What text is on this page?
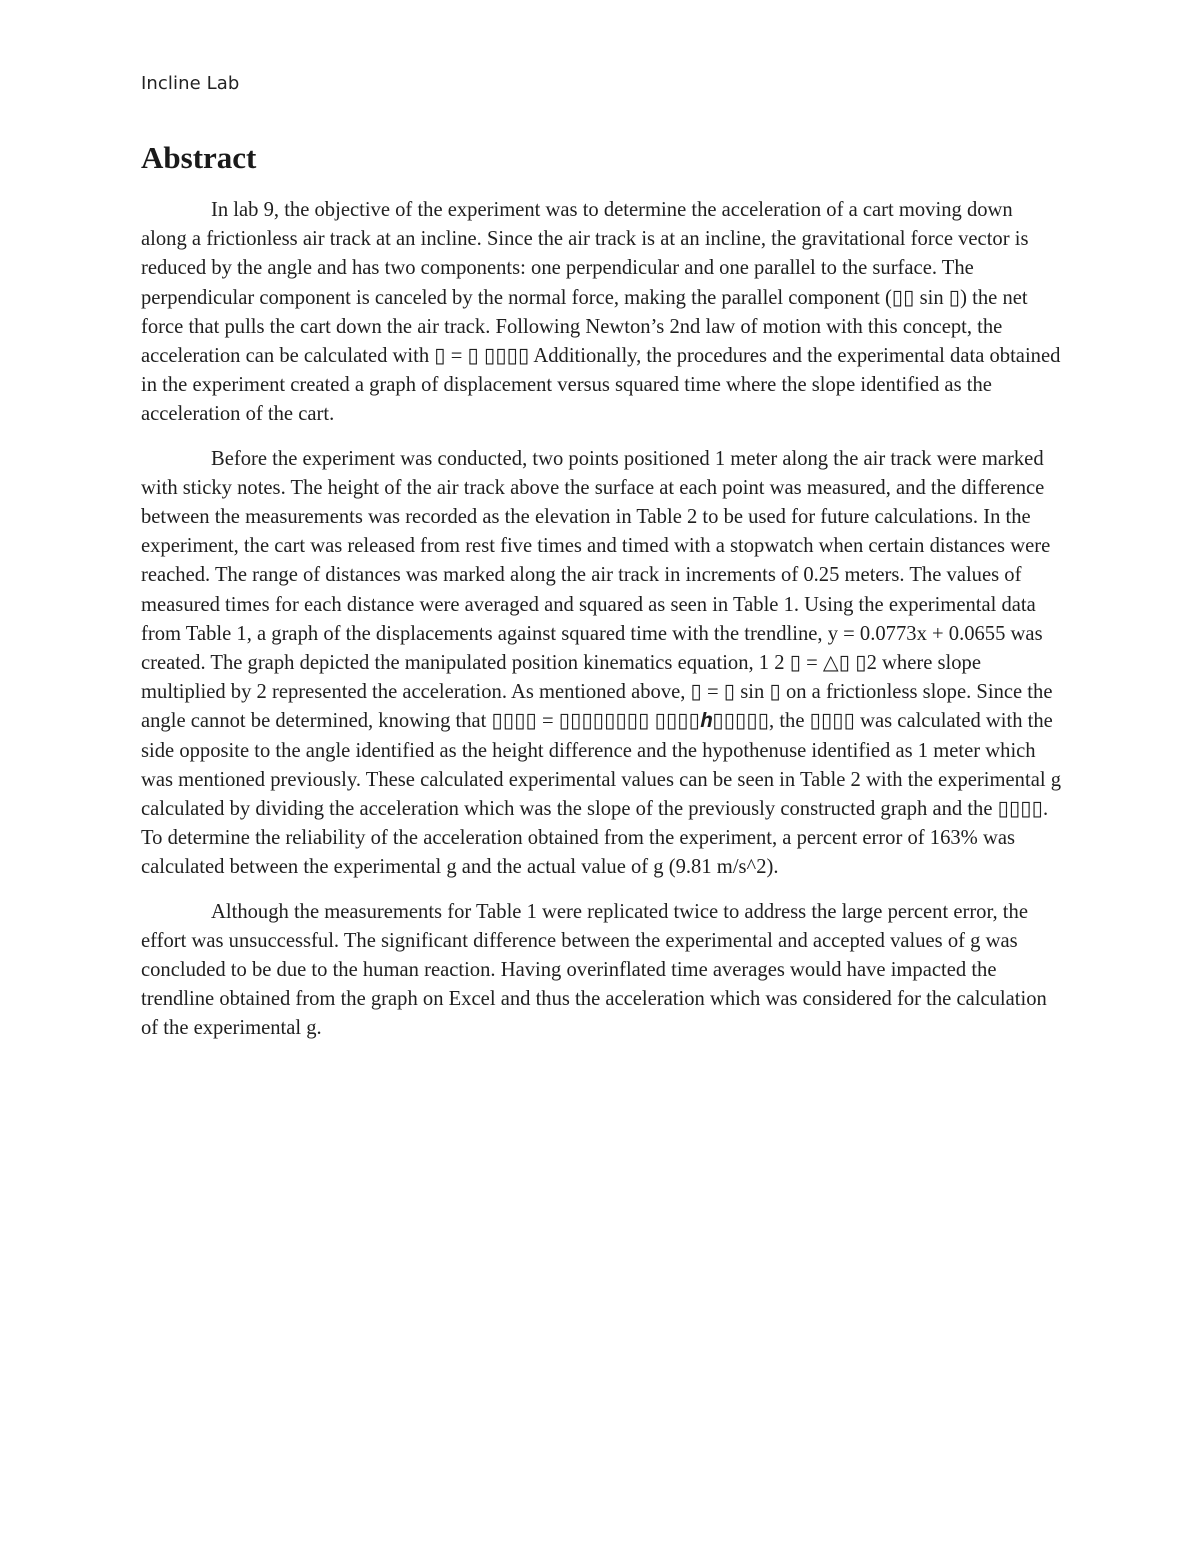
Incline Lab
Abstract

In lab 9, the objective of the experiment was to determine the acceleration of a cart moving down along a frictionless air track at an incline. Since the air track is at an incline, the gravitational force vector is reduced by the angle and has two components: one perpendicular and one parallel to the surface. The perpendicular component is canceled by the normal force, making the parallel component (▯▯ sin ▯) the net force that pulls the cart down the air track. Following Newton’s 2nd law of motion with this concept, the acceleration can be calculated with ▯ = ▯ ▯▯▯▯ Additionally, the procedures and the experimental data obtained in the experiment created a graph of displacement versus squared time where the slope identified as the acceleration of the cart.

Before the experiment was conducted, two points positioned 1 meter along the air track were marked with sticky notes. The height of the air track above the surface at each point was measured, and the difference between the measurements was recorded as the elevation in Table 2 to be used for future calculations. In the experiment, the cart was released from rest five times and timed with a stopwatch when certain distances were reached. The range of distances was marked along the air track in increments of 0.25 meters. The values of measured times for each distance were averaged and squared as seen in Table 1. Using the experimental data from Table 1, a graph of the displacements against squared time with the trendline, y = 0.0773x + 0.0655 was created. The graph depicted the manipulated position kinematics equation, 1 2 ▯ = △▯ ▯2 where slope multiplied by 2 represented the acceleration. As mentioned above, ▯ = ▯ sin ▯ on a frictionless slope. Since the angle cannot be determined, knowing that ▯▯▯▯ = ▯▯▯▯▯▯▯▯ ▯▯▯▯𝒉▯▯▯▯▯, the ▯▯▯▯ was calculated with the side opposite to the angle identified as the height difference and the hypothenuse identified as 1 meter which was mentioned previously. These calculated experimental values can be seen in Table 2 with the experimental g calculated by dividing the acceleration which was the slope of the previously constructed graph and the ▯▯▯▯. To determine the reliability of the acceleration obtained from the experiment, a percent error of 163% was calculated between the experimental g and the actual value of g (9.81 m/s^2).

Although the measurements for Table 1 were replicated twice to address the large percent error, the effort was unsuccessful. The significant difference between the experimental and accepted values of g was concluded to be due to the human reaction. Having overinflated time averages would have impacted the trendline obtained from the graph on Excel and thus the acceleration which was considered for the calculation of the experimental g.
